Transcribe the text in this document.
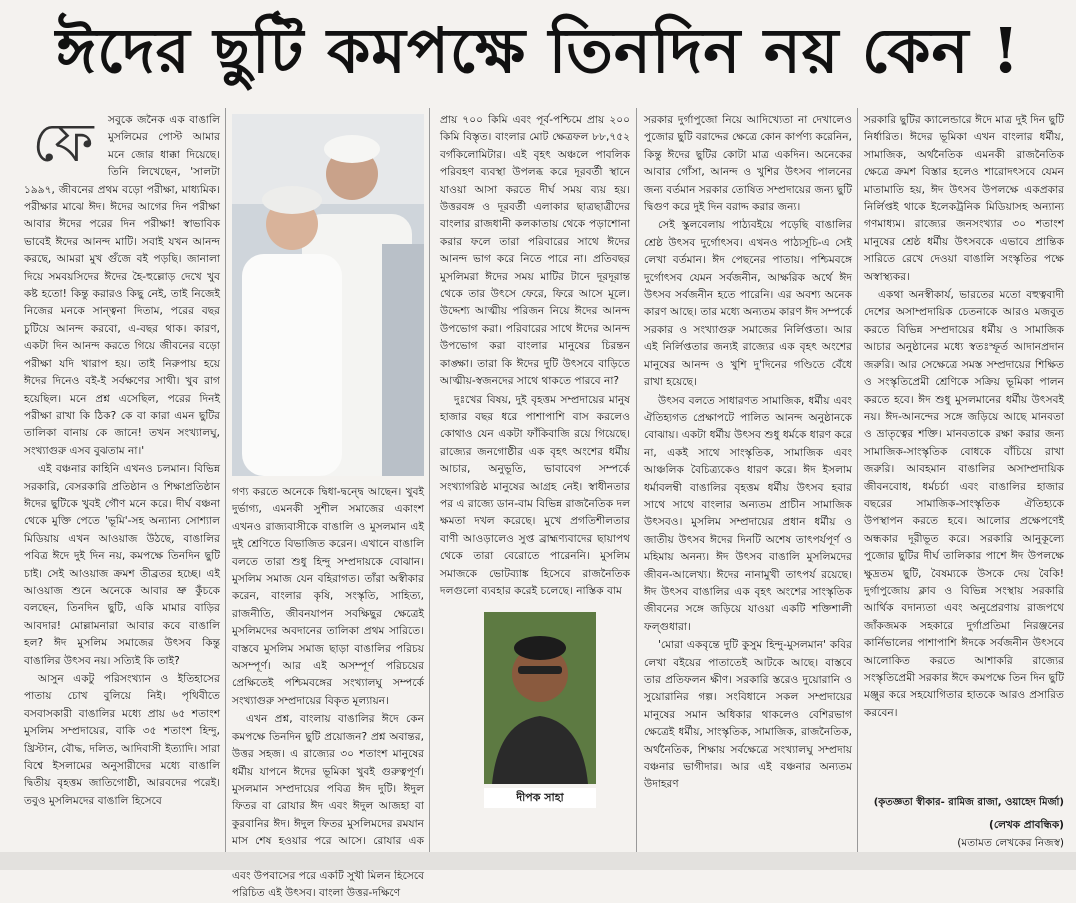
ঈদের ছুটি কমপক্ষে তিনদিন নয় কেন !
ফে	সবুকে জনৈক এক বাঙালি মুসলিমের পোস্ট আমার মনে জোর ধাক্কা দিয়েছে। তিনি লিখেছেন, 'সালটা ১৯৯৭, জীবনের প্রথম বড়ো পরীক্ষা, মাধ্যমিক। পরীক্ষার মাঝে ঈদ। ঈদের আগের দিন পরীক্ষা আবার ঈদের পরের দিন পরীক্ষা! স্বাভাবিক ভাবেই ঈদের আনন্দ মাটি। সবাই যখন আনন্দ করছে, আমরা মুখ গুঁজে বই পড়ছি। জানালা দিয়ে সমবয়সিদের ঈদের হৈ-হুল্লোড় দেখে খুব কষ্ট হতো! কিন্তু করারও কিছু নেই, তাই নিজেই নিজের মনকে সান্ত্বনা দিতাম, পরের বছর চুটিয়ে আনন্দ করবো, এ-বছর থাক। কারণ, একটা দিন আনন্দ করতে গিয়ে জীবনের বড়ো পরীক্ষা যদি খারাপ হয়। তাই নিরুপায় হয়ে ঈদের দিনেও বই-ই সর্বক্ষণের সাথী। খুব রাগ হয়েছিল। মনে প্রশ্ন এসেছিল, পরের দিনই পরীক্ষা রাখা কি ঠিক? কে বা কারা এমন ছুটির তালিকা বানায় কে জানে! তখন সংখ্যালঘু, সংখ্যাগুরু এসব বুঝতাম না।'

এই বঞ্চনার কাহিনি এখনও চলমান। বিভিন্ন সরকারি, বেসরকারি প্রতিষ্ঠান ও শিক্ষাপ্রতিষ্ঠান ঈদের ছুটিকে খুবই গৌণ মনে করে। দীর্ঘ বঞ্চনা থেকে মুক্তি পেতে 'ভূমি'-সহ অন্যান্য সোশ্যাল মিডিয়ায় এখন আওয়াজ উঠছে, বাঙালির পবিত্র ঈদে দুই দিন নয়, কমপক্ষে তিনদিন ছুটি চাই। সেই আওয়াজ ক্রমশ তীব্রতর হচ্ছে। এই আওয়াজ শুনে অনেকে আবার ভ্রু কুঁচকে বলছেন, তিনদিন ছুটি, একি মামার বাড়ির আবদার! মোল্লামনারা আবার কবে বাঙালি হল? ঈদ মুসলিম সমাজের উৎসব কিন্তু বাঙালির উৎসব নয়। সত্যিই কি তাই?

আসুন একটু পরিসংখ্যান ও ইতিহাসের পাতায় চোখ বুলিয়ে নিই। পৃথিবীতে বসবাসকারী বাঙালির মধ্যে প্রায় ৬৫ শতাংশ মুসলিম সম্প্রদায়ের, বাকি ৩৫ শতাংশ হিন্দু, খ্রিস্টান, বৌদ্ধ, দলিত, আদিবাসী ইত্যাদি। সারা বিশ্বে ইসলামের অনুসারীদের মধ্যে বাঙালি দ্বিতীয় বৃহত্তম জাতিগোষ্ঠী, আরবদের পরেই। তবুও মুসলিমদের বাঙালি হিসেবে

গণ্য করতে অনেকে দ্বিধা-দ্বন্দ্বে আছেন। খুবই দুর্ভাগ্য, এমনকী সুশীল সমাজের একাংশ এখনও রাজ্যবাসীকে বাঙালি ও মুসলমান এই দুই শ্রেণিতে বিভাজিত করেন। এখানে বাঙালি বলতে তারা শুধু হিন্দু সম্প্রদায়কে বোঝান। মুসলিম সমাজ যেন বহিরাগত। তাঁরা অস্বীকার করেন, বাংলার কৃষি, সংস্কৃতি, সাহিত্য, রাজনীতি, জীবনযাপন সবক্ষিছুর ক্ষেত্রেই মুসলিমদের অবদানের তালিকা প্রথম সারিতে। বাস্তবে মুসলিম সমাজ ছাড়া বাঙালির পরিচয় অসম্পূর্ণ। আর এই অসম্পূর্ণ পরিচয়ের প্রেক্ষিতেই পশ্চিমবঙ্গের সংখ্যালঘু সম্পর্কে সংখ্যাগুরু সম্প্রদায়ের বিকৃত মূল্যায়ন।

এখন প্রশ্ন, বাংলায় বাঙালির ঈদে কেন কমপক্ষে তিনদিন ছুটি প্রয়োজন? প্রশ্ন অবান্তর, উত্তর সহজ। এ রাজ্যের ৩০ শতাংশ মানুষের ধর্মীয় যাপনে ঈদের ভূমিকা খুবই গুরুত্বপূর্ণ। মুসলমান সম্প্রদায়ের পবিত্র ঈদ দুটি। ঈদুল ফিতর বা রোযার ঈদ এবং ঈদুল আজহা বা কুরবানির ঈদ। ঈদুল ফিতর মুসলিমদের রমযান মাস শেষ হওয়ার পরে আসে। রোযার এক এবং উপবাসের পরে একটি সুখী মিলন হিসেবে পরিচিত এই উৎসব। বাংলা উত্তর-দক্ষিণে

প্রায় ৭০০ কিমি এবং পূর্ব-পশ্চিমে প্রায় ২০০ কিমি বিস্তৃত। বাংলার মোট ক্ষেত্রফল ৮৮,৭৫২ বর্গকিলোমিটার। এই বৃহৎ অঞ্চলে পাবলিক পরিবহণ ব্যবস্থা উপলব্ধ করে দূরবর্তী স্থানে যাওয়া আসা করতে দীর্ঘ সময় ব্যয় হয়। উত্তরবঙ্গ ও দূরবর্তী এলাকার ছাত্রছাত্রীদের বাংলার রাজধানী কলকাতায় থেকে পড়াশোনা করার ফলে তারা পরিবারের সাথে ঈদের আনন্দ ভাগ করে নিতে পারে না। প্রতিবছর মুসলিমরা ঈদের সময় মাটির টানে দূরদূরান্ত থেকে তার উৎসে ফেরে, ফিরে আসে মূলে। উদ্দেশ্য আত্মীয় পরিজন নিয়ে ঈদের আনন্দ উপভোগ করা। পরিবারের সাথে ঈদের আনন্দ উপভোগ করা বাংলার মানুষের চিরন্তন কাঙ্ক্ষা। তারা কি ঈদের দুটি উৎসবে বাড়িতে আত্মীয়-স্বজনদের সাথে থাকতে পারবে না?

দুঃখের বিষয়, দুই বৃহত্তম সম্প্রদায়ের মানুষ হাজার বছর ধরে পাশাপাশি বাস করলেও কোথাও যেন একটা ফাঁকিবাজি রয়ে গিয়েছে। রাজ্যের জনগোষ্ঠীর এক বৃহৎ অংশের ধর্মীয় আচার, অনুভূতি, ভাবাবেগ সম্পর্কে সংখ্যাগরিষ্ঠ মানুষের আগ্রহ নেই। স্বাধীনতার পর এ রাজ্যে ডান-বাম বিভিন্ন রাজনৈতিক দল ক্ষমতা দখল করেছে। মুখে প্রগতিশীলতার বাণী আওড়ালেও সুপ্ত ব্রাহ্মণ্যবাদের ছায়াপথ থেকে তারা বেরোতে পারেননি। মুসলিম সমাজকে ভোটব্যাঙ্ক হিসেবে রাজনৈতিক দলগুলো ব্যবহার করেই চলেছে। নাস্তিক বাম

দীপক সাহা

সরকার দুর্গাপুজো নিয়ে আদিখ্যেতা না দেখালেও পুজোর ছুটি বরাদ্দের ক্ষেত্রে কোন কার্পণ্য করেনিন, কিন্তু ঈদের ছুটির কোটা মাত্র একদিন। অনেকের আবার গোঁসা, আনন্দ ও খুশির উৎসব পালনের জন্য বর্তমান সরকার তোষিত সম্প্রদায়ের জন্য ছুটি দ্বিগুণ করে দুই দিন বরাদ্দ করার জন্য।

সেই স্কুলবেলায় পাঠ্যবইয়ে পড়েছি বাঙালির শ্রেষ্ঠ উৎসব দুর্গোৎসব। এখনও পাঠ্যসূচি-এ সেই লেখা বর্তমান। ঈদ পেছনের পাতায়। পশ্চিমবঙ্গে দুর্গোৎসব যেমন সর্বজনীন, আক্ষরিক অর্থে ঈদ উৎসব সর্বজনীন হতে পারেনি। এর অবশ্য অনেক কারণ আছে। তার মধ্যে অন্যতম কারণ ঈদ সম্পর্কে সরকার ও সংখ্যাগুরু সমাজের নির্লিপ্ততা। আর এই নির্লিপ্ততার জন্যই রাজ্যের এক বৃহৎ অংশের মানুষের আনন্দ ও খুশি দু'দিনের গণ্ডিতে বেঁধে রাখা হয়েছে।

উৎসব বলতে সাধারণত সামাজিক, ধর্মীয় এবং ঐতিহ্যগত প্রেক্ষাপটে পালিত আনন্দ অনুষ্ঠানকে বোঝায়। একটা ধর্মীয় উৎসব শুধু ধর্মকে ধারণ করে না, একই সাথে সাংস্কৃতিক, সামাজিক এবং আঞ্চলিক বৈচিত্র্যকেও ধারণ করে। ঈদ ইসলাম ধর্মাবলম্বী বাঙালির বৃহত্তম ধর্মীয় উৎসব হবার সাথে সাথে বাংলার অন্যতম প্রাচীন সামাজিক উৎসবও। মুসলিম সম্প্রদায়ের প্রধান ধর্মীয় ও জাতীয় উৎসব ঈদের দিনটি অশেষ তাৎপর্যপূর্ণ ও মহিমায় অনন্য। ঈদ উৎসব বাঙালি মুসলিমদের জীবন-আলেখ্য। ঈদের নানামুখী তাৎপর্য রয়েছে। ঈদ উৎসব বাঙালির এক বৃহৎ অংশের সাংস্কৃতিক জীবনের সঙ্গে জড়িয়ে যাওয়া একটি শক্তিশালী ফল্গুধারা।

'মোরা একবৃন্তে দুটি কুসুম হিন্দু-মুসলমান' কবির লেখা বইয়ের পাতাতেই আটকে আছে। বাস্তবে তার প্রতিফলন ক্ষীণ। সরকারি স্তরেও দুয়োরানি ও সুয়োরানির গল্প। সংবিধানে সকল সম্প্রদায়ের মানুষের সমান অধিকার থাকলেও বেশিরভাগ ক্ষেত্রেই ধর্মীয়, সাংস্কৃতিক, সামাজিক, রাজনৈতিক, অর্থনৈতিক, শিক্ষায় সর্বক্ষেত্রে সংখ্যালঘু সম্প্রদায় বঞ্চনার ভাগীদার। আর এই বঞ্চনার অন্যতম উদাহরণ

সরকারি ছুটির ক্যালেন্ডারে ঈদে মাত্র দুই দিন ছুটি নির্ধারিত। ঈদের ভূমিকা এখন বাংলার ধর্মীয়, সামাজিক, অর্থনৈতিক এমনকী রাজনৈতিক ক্ষেত্রে ক্রমশ বিস্তার হলেও শারোদৎসবে যেমন মাতামাতি হয়, ঈদ উৎসব উপলক্ষে একপ্রকার নির্লিপ্তই থাকে ইলেকট্রনিক মিডিয়াসহ অন্যান্য গণমাধ্যম। রাজ্যের জনসংখ্যার ৩০ শতাংশ মানুষের শ্রেষ্ঠ ধর্মীয় উৎসবকে এভাবে প্রান্তিক সারিতে রেখে দেওয়া বাঙালি সংস্কৃতির পক্ষে অস্বাস্থ্যকর।

একথা অনস্বীকার্য, ভারতের মতো বহুত্ববাদী দেশের অসাম্প্রদায়িক চেতনাকে আরও মজবুত করতে বিভিন্ন সম্প্রদায়ের ধর্মীয় ও সামাজিক আচার অনুষ্ঠানের মধ্যে স্বতঃস্ফূর্ত আদানপ্রদান জরুরি। আর সেক্ষেত্রে সমস্ত সম্প্রদায়ের শিক্ষিত ও সংস্কৃতিপ্রেমী শ্রেণিকে সক্রিয় ভূমিকা পালন করতে হবে। ঈদ শুধু মুসলমানের ধর্মীয় উৎসবই নয়। ঈদ-আনন্দের সঙ্গে জড়িয়ে আছে মানবতা ও ভ্রাতৃত্বের শক্তি। মানবতাকে রক্ষা করার জন্য সামাজিক-সাংস্কৃতিক বোধকে বাঁচিয়ে রাখা জরুরি। আবহমান বাঙালির অসাম্প্রদায়িক জীবনবোধ, ধর্মচর্চা এবং বাঙালির হাজার বছরের সামাজিক-সাংস্কৃতিক ঐতিহ্যকে উপস্থাপন করতে হবে। আলোর প্রক্ষেপণেই অন্ধকার দূরীভূত করে। সরকারি আনুকূল্যে পুজোর ছুটির দীর্ঘ তালিকার পাশে ঈদ উপলক্ষে ক্ষুদ্রতম ছুটি, বৈষম্যকে উসকে দেয় বৈকি! দুর্গাপুজোয় ক্লাব ও বিভিন্ন সংস্থায় সরকারি আর্থিক বদান্যতা এবং অনুপ্রেরণায় রাজপথে জাঁকজমক সহকারে দুর্গাপ্রতিমা নিরঞ্জনের কার্নিভালের পাশাপাশি ঈদকে সর্বজনীন উৎসবে আলোকিত করতে আশাকরি রাজ্যের সংস্কৃতিপ্রেমী সরকার ঈদে কমপক্ষে তিন দিন ছুটি মঞ্জুর করে সহযোগিতার হাতকে আরও প্রসারিত করবেন।

(কৃতজ্ঞতা স্বীকার- রামিজ রাজা, ওয়াহেদ মির্জা)
(লেখক প্রাবন্ধিক)
(মতামত লেখকের নিজস্ব)
